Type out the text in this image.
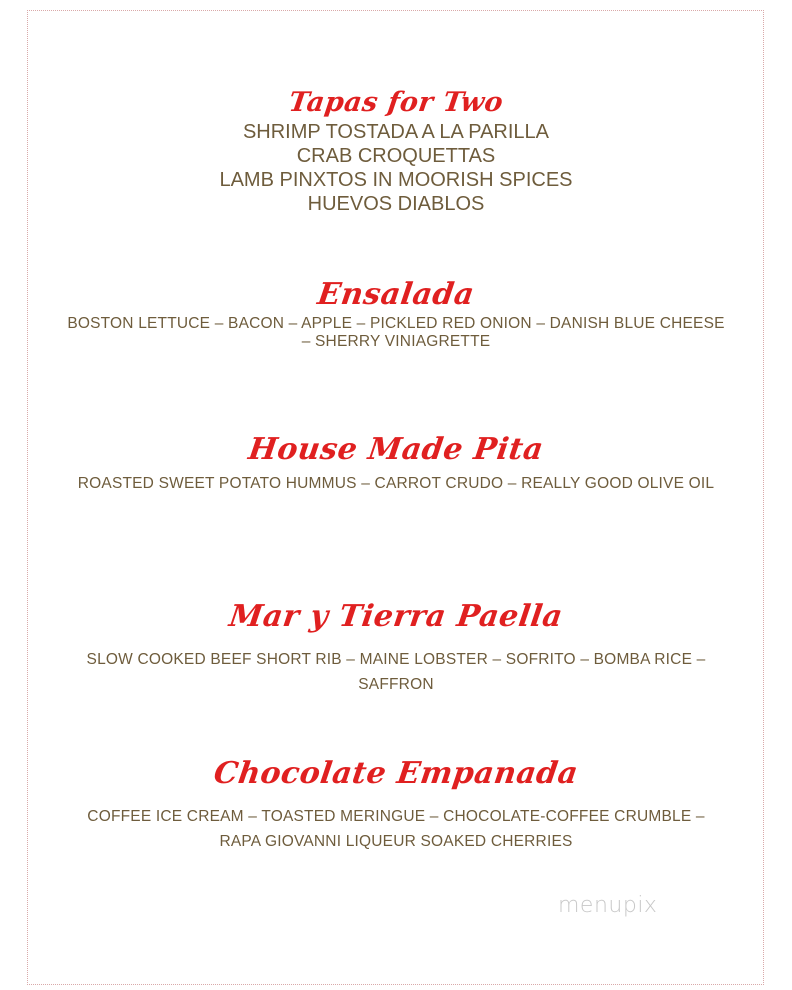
Tapas for Two
SHRIMP TOSTADA A LA PARILLA
CRAB CROQUETTAS
LAMB PINXTOS IN MOORISH SPICES
HUEVOS DIABLOS
Ensalada
BOSTON LETTUCE – BACON – APPLE – PICKLED RED ONION – DANISH BLUE CHEESE
– SHERRY VINIAGRETTE
House Made Pita
ROASTED SWEET POTATO HUMMUS – CARROT CRUDO – REALLY GOOD OLIVE OIL
Mar y Tierra Paella
SLOW COOKED BEEF SHORT RIB – MAINE LOBSTER – SOFRITO – BOMBA RICE –
SAFFRON
Chocolate Empanada
COFFEE ICE CREAM – TOASTED MERINGUE – CHOCOLATE-COFFEE CRUMBLE –
RAPA GIOVANNI LIQUEUR SOAKED CHERRIES
menupix
